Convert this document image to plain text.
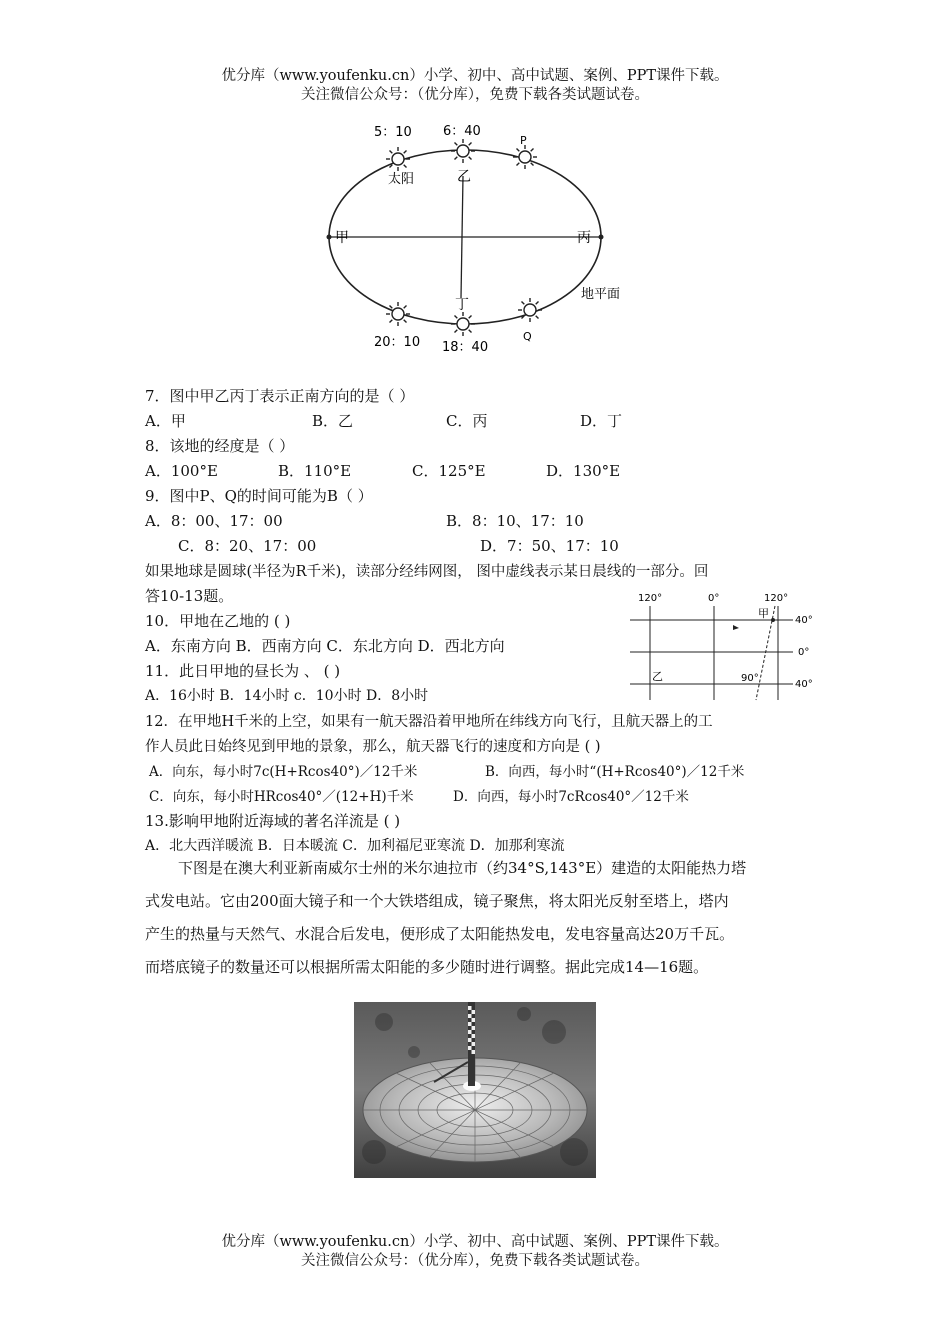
优分库（www.youfenku.cn）小学、初中、高中试题、案例、PPT课件下载。
关注微信公众号：（优分库），免费下载各类试题试卷。
5：10 6：40
P
太阳	乙
甲	丙
丁
地平面
20：10 18：40
Q
7．图中甲乙丙丁表示正南方向的是（ ）
A．甲	B．乙	C．丙	D．丁
8．该地的经度是（ ）
A．100°E	B．110°E	C．125°E	D．130°E
9．图中P、Q的时间可能为B（ ）
A．8：00、17：00	B．8：10、17：10
C．8：20、17：00	D．7：50、17：10
如果地球是圆球(半径为R千米)，读部分经纬网图， 图中虚线表示某日晨线的一部分。回
答10-13题。	120°	0°	120°
甲
40°
0°
40°
乙	90°
10．甲地在乙地的 ( )
A．东南方向 B．西南方向 C．东北方向 D．西北方向
11．此日甲地的昼长为 、 ( )
A．16小时 B．14小时 c．10小时 D．8小时
12．在甲地H千米的上空，如果有一航天器沿着甲地所在纬线方向飞行，且航天器上的工
作人员此日始终见到甲地的景象，那么，航天器飞行的速度和方向是 ( )
A．向东，每小时7c(H+Rcos40°)／12千米	B．向西，每小时“(H+Rcos40°)／12千米
C．向东，每小时HRcos40°／(12+H)千米	D．向西，每小时7cRcos40°／12千米
13.影响甲地附近海域的著名洋流是 ( )
A．北大西洋暖流 B．日本暖流 C．加利福尼亚寒流 D．加那利寒流
下图是在澳大利亚新南威尔士州的米尔迪拉市（约34°S,143°E）建造的太阳能热力塔
式发电站。它由200面大镜子和一个大铁塔组成，镜子聚焦，将太阳光反射至塔上，塔内
产生的热量与天然气、水混合后发电，便形成了太阳能热发电，发电容量高达20万千瓦。
而塔底镜子的数量还可以根据所需太阳能的多少随时进行调整。据此完成14—16题。
优分库（www.youfenku.cn）小学、初中、高中试题、案例、PPT课件下载。
关注微信公众号：（优分库），免费下载各类试题试卷。
